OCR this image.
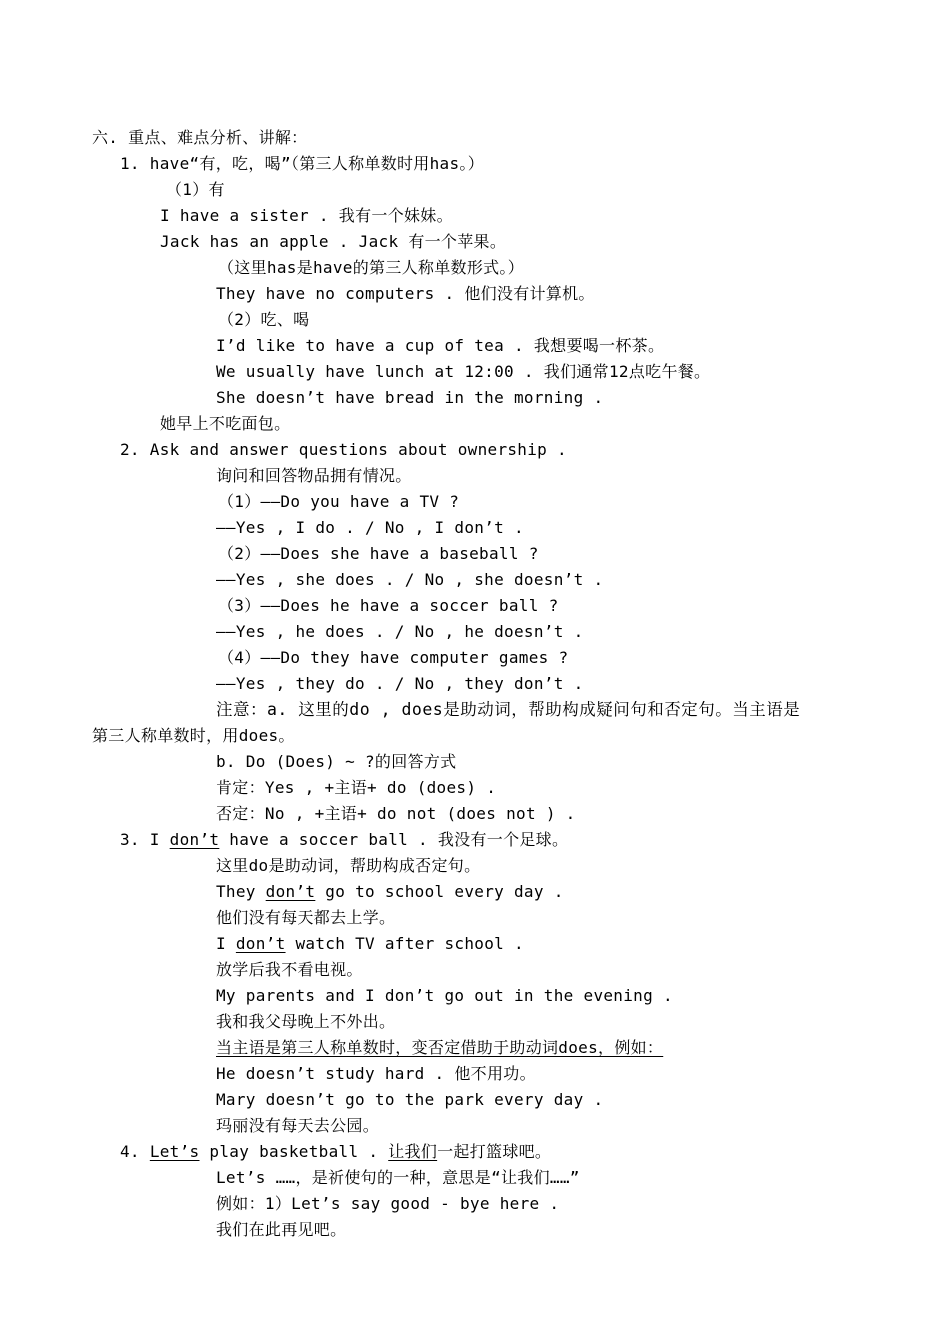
六. 重点、难点分析、讲解：
1. have“有，吃，喝”（第三人称单数时用has。）
（1）有
I have a sister . 我有一个妹妹。
Jack has an apple . Jack 有一个苹果。
（这里has是have的第三人称单数形式。）
They have no computers . 他们没有计算机。
（2）吃、喝
I’d like to have a cup of tea . 我想要喝一杯茶。
We usually have lunch at 12:00 . 我们通常12点吃午餐。
She doesn’t have bread in the morning .
她早上不吃面包。
2. Ask and answer questions about ownership .
询问和回答物品拥有情况。
（1）——Do you have a TV ?
——Yes , I do . / No , I don’t .
（2）——Does she have a baseball ?
——Yes , she does . / No , she doesn’t .
（3）——Does he have a soccer ball ?
——Yes , he does . / No , he doesn’t .
（4）——Do they have computer games ?
——Yes , they do . / No , they don’t .
注意：a. 这里的do , does是助动词，帮助构成疑问句和否定句。当主语是
第三人称单数时，用does。
b. Do (Does) ~ ?的回答方式
肯定：Yes , +主语+ do (does) .
否定：No , +主语+ do not (does not ) .
3. I don’t have a soccer ball . 我没有一个足球。
这里do是助动词，帮助构成否定句。
They don’t go to school every day .
他们没有每天都去上学。
I don’t watch TV after school .
放学后我不看电视。
My parents and I don’t go out in the evening .
我和我父母晚上不外出。
当主语是第三人称单数时，变否定借助于助动词does，例如：
He doesn’t study hard . 他不用功。
Mary doesn’t go to the park every day .
玛丽没有每天去公园。
4. Let’s play basketball . 让我们一起打篮球吧。
Let’s ……，是祈使句的一种，意思是“让我们……”
例如：1）Let’s say good - bye here .
我们在此再见吧。
